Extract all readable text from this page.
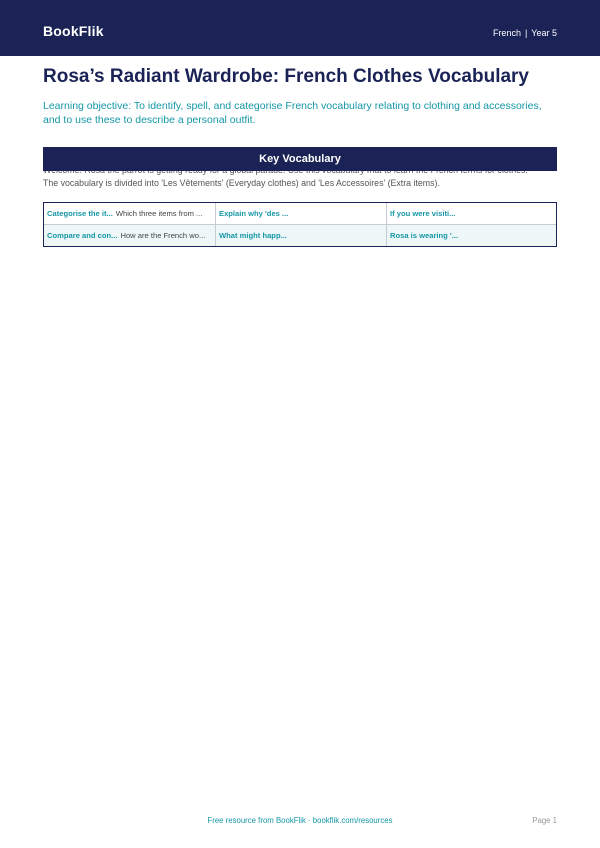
BookFlik	French | Year 5
Rosa’s Radiant Wardrobe: French Clothes Vocabulary
Learning objective: To identify, spell, and categorise French vocabulary relating to clothing and accessories, and to use these to describe a personal outfit.
The vocabulary is divided into 'Les Vêtements' (Everyday clothes) and 'Les Accessoires' (Extra items).
Key Vocabulary
Categorise the it... Which three items from ...	Explain why 'des ...	If you were visiti...
Compare and con... How are the French wo...	What might happ...	Rosa is wearing '...
Free resource from BookFlik · bookflik.com/resources	Page 1
